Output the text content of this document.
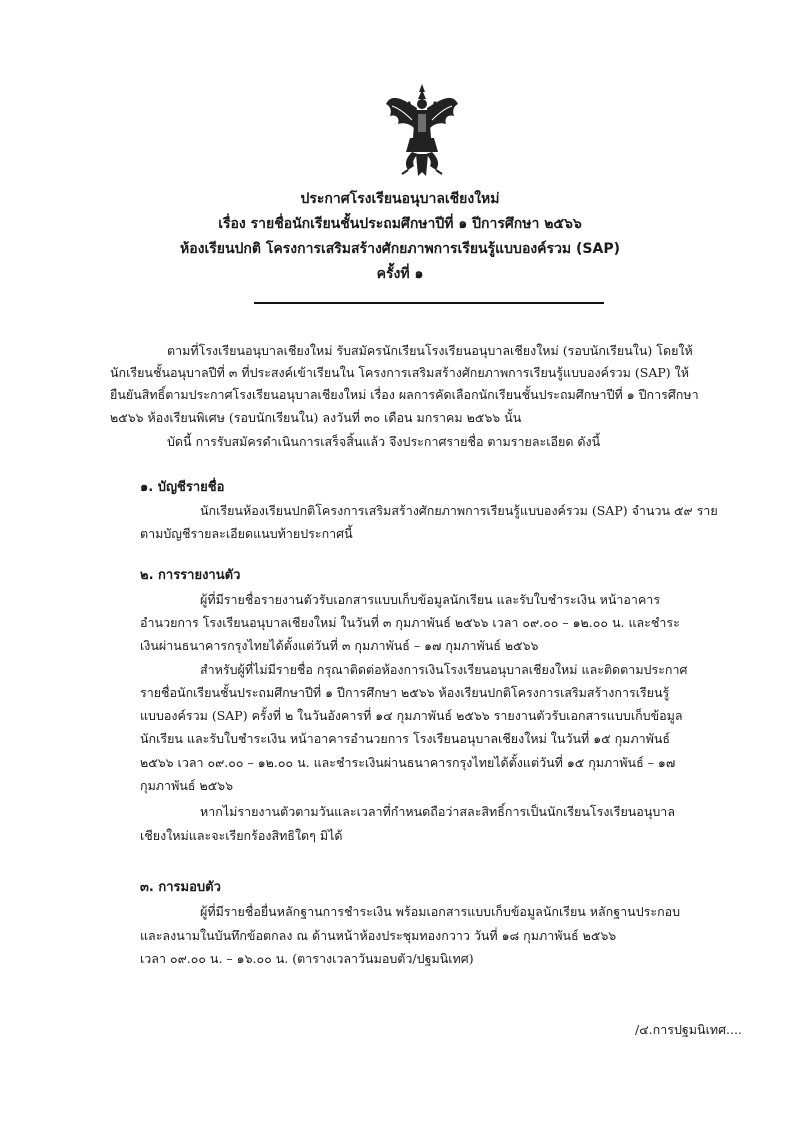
ประกาศโรงเรียนอนุบาลเชียงใหม่
เรื่อง รายชื่อนักเรียนชั้นประถมศึกษาปีที่ ๑ ปีการศึกษา ๒๕๖๖
ห้องเรียนปกติ โครงการเสริมสร้างศักยภาพการเรียนรู้แบบองค์รวม (SAP)
ครั้งที่ ๑
ตามที่โรงเรียนอนุบาลเชียงใหม่ รับสมัครนักเรียนโรงเรียนอนุบาลเชียงใหม่ (รอบนักเรียนใน) โดยให้
นักเรียนชั้นอนุบาลปีที่ ๓ ที่ประสงค์เข้าเรียนใน โครงการเสริมสร้างศักยภาพการเรียนรู้แบบองค์รวม (SAP) ให้
ยืนยันสิทธิ์ตามประกาศโรงเรียนอนุบาลเชียงใหม่ เรื่อง ผลการคัดเลือกนักเรียนชั้นประถมศึกษาปีที่ ๑ ปีการศึกษา
๒๕๖๖ ห้องเรียนพิเศษ (รอบนักเรียนใน) ลงวันที่ ๓๐ เดือน มกราคม ๒๕๖๖ นั้น
บัดนี้ การรับสมัครดำเนินการเสร็จสิ้นแล้ว จึงประกาศรายชื่อ ตามรายละเอียด ดังนี้
๑. บัญชีรายชื่อ
นักเรียนห้องเรียนปกติโครงการเสริมสร้างศักยภาพการเรียนรู้แบบองค์รวม (SAP) จำนวน ๕๙ ราย
ตามบัญชีรายละเอียดแนบท้ายประกาศนี้
๒. การรายงานตัว
ผู้ที่มีรายชื่อรายงานตัวรับเอกสารแบบเก็บข้อมูลนักเรียน และรับใบชำระเงิน หน้าอาคาร
อำนวยการ โรงเรียนอนุบาลเชียงใหม่ ในวันที่ ๓ กุมภาพันธ์ ๒๕๖๖ เวลา ๐๙.๐๐ – ๑๒.๐๐ น. และชำระ
เงินผ่านธนาคารกรุงไทยได้ตั้งแต่วันที่ ๓ กุมภาพันธ์ – ๑๗ กุมภาพันธ์ ๒๕๖๖
สำหรับผู้ที่ไม่มีรายชื่อ กรุณาติดต่อห้องการเงินโรงเรียนอนุบาลเชียงใหม่ และติดตามประกาศ
รายชื่อนักเรียนชั้นประถมศึกษาปีที่ ๑ ปีการศึกษา ๒๕๖๖ ห้องเรียนปกติโครงการเสริมสร้างการเรียนรู้
แบบองค์รวม (SAP) ครั้งที่ ๒ ในวันอังคารที่ ๑๔ กุมภาพันธ์ ๒๕๖๖ รายงานตัวรับเอกสารแบบเก็บข้อมูล
นักเรียน และรับใบชำระเงิน หน้าอาคารอำนวยการ โรงเรียนอนุบาลเชียงใหม่ ในวันที่ ๑๕ กุมภาพันธ์
๒๕๖๖ เวลา ๐๙.๐๐ – ๑๒.๐๐ น. และชำระเงินผ่านธนาคารกรุงไทยได้ตั้งแต่วันที่ ๑๕ กุมภาพันธ์ – ๑๗
กุมภาพันธ์ ๒๕๖๖
หากไม่รายงานตัวตามวันและเวลาที่กำหนดถือว่าสละสิทธิ์การเป็นนักเรียนโรงเรียนอนุบาล
เชียงใหม่และจะเรียกร้องสิทธิใดๆ มิได้
๓. การมอบตัว
ผู้ที่มีรายชื่อยื่นหลักฐานการชำระเงิน พร้อมเอกสารแบบเก็บข้อมูลนักเรียน หลักฐานประกอบ
และลงนามในบันทึกข้อตกลง ณ ด้านหน้าห้องประชุมทองกวาว วันที่ ๑๘ กุมภาพันธ์ ๒๕๖๖
เวลา ๐๙.๐๐ น. – ๑๖.๐๐ น. (ตารางเวลาวันมอบตัว/ปฐมนิเทศ)
/๔.การปฐมนิเทศ....
